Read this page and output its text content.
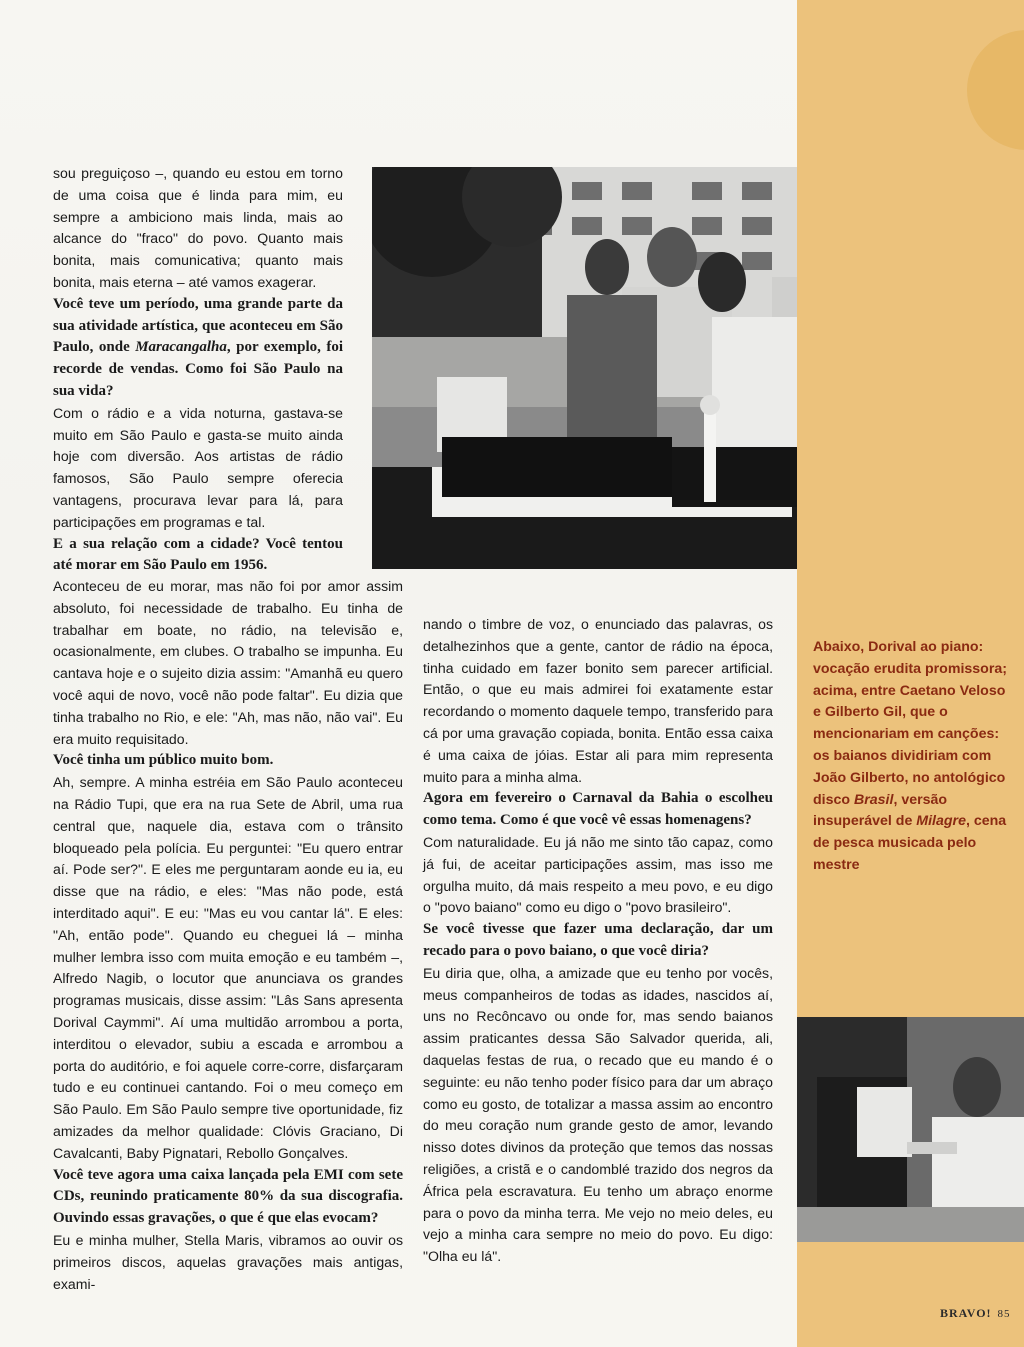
sou preguiçoso –, quando eu estou em torno de uma coisa que é linda para mim, eu sempre a ambiciono mais linda, mais ao alcance do "fraco" do povo. Quanto mais bonita, mais comunicativa; quanto mais bonita, mais eterna – até vamos exagerar.

Você teve um período, uma grande parte da sua atividade artística, que aconteceu em São Paulo, onde Maracangalha, por exemplo, foi recorde de vendas. Como foi São Paulo na sua vida?

Com o rádio e a vida noturna, gastava-se muito em São Paulo e gasta-se muito ainda hoje com diversão. Aos artistas de rádio famosos, São Paulo sempre oferecia vantagens, procurava levar para lá, para participações em programas e tal.

E a sua relação com a cidade? Você tentou até morar em São Paulo em 1956.

Aconteceu de eu morar, mas não foi por amor assim absoluto, foi necessidade de trabalho. Eu tinha de trabalhar em boate, no rádio, na televisão e, ocasionalmente, em clubes. O trabalho se impunha. Eu cantava hoje e o sujeito dizia assim: "Amanhã eu quero você aqui de novo, você não pode faltar". Eu dizia que tinha trabalho no Rio, e ele: "Ah, mas não, não vai". Eu era muito requisitado.

Você tinha um público muito bom.

Ah, sempre. A minha estréia em São Paulo aconteceu na Rádio Tupi, que era na rua Sete de Abril, uma rua central que, naquele dia, estava com o trânsito bloqueado pela polícia. Eu perguntei: "Eu quero entrar aí. Pode ser?". E eles me perguntaram aonde eu ia, eu disse que na rádio, e eles: "Mas não pode, está interditado aqui". E eu: "Mas eu vou cantar lá". E eles: "Ah, então pode". Quando eu cheguei lá – minha mulher lembra isso com muita emoção e eu também –, Alfredo Nagib, o locutor que anunciava os grandes programas musicais, disse assim: "Lâs Sans apresenta Dorival Caymmi". Aí uma multidão arrombou a porta, interditou o elevador, subiu a escada e arrombou a porta do auditório, e foi aquele corre-corre, disfarçaram tudo e eu continuei cantando. Foi o meu começo em São Paulo. Em São Paulo sempre tive oportunidade, fiz amizades da melhor qualidade: Clóvis Graciano, Di Cavalcanti, Baby Pignatari, Rebollo Gonçalves.

Você teve agora uma caixa lançada pela EMI com sete CDs, reunindo praticamente 80% da sua discografia. Ouvindo essas gravações, o que é que elas evocam?

Eu e minha mulher, Stella Maris, vibramos ao ouvir os primeiros discos, aquelas gravações mais antigas, exami-

nando o timbre de voz, o enunciado das palavras, os detalhezinhos que a gente, cantor de rádio na época, tinha cuidado em fazer bonito sem parecer artificial. Então, o que eu mais admirei foi exatamente estar recordando o momento daquele tempo, transferido para cá por uma gravação copiada, bonita. Então essa caixa é uma caixa de jóias. Estar ali para mim representa muito para a minha alma.

Agora em fevereiro o Carnaval da Bahia o escolheu como tema. Como é que você vê essas homenagens?

Com naturalidade. Eu já não me sinto tão capaz, como já fui, de aceitar participações assim, mas isso me orgulha muito, dá mais respeito a meu povo, e eu digo o "povo baiano" como eu digo o "povo brasileiro".

Se você tivesse que fazer uma declaração, dar um recado para o povo baiano, o que você diria?

Eu diria que, olha, a amizade que eu tenho por vocês, meus companheiros de todas as idades, nascidos aí, uns no Recôncavo ou onde for, mas sendo baianos assim praticantes dessa São Salvador querida, ali, daquelas festas de rua, o recado que eu mando é o seguinte: eu não tenho poder físico para dar um abraço como eu gosto, de totalizar a massa assim ao encontro do meu coração num grande gesto de amor, levando nisso dotes divinos da proteção que temos das nossas religiões, a cristã e o candomblé trazido dos negros da África pela escravatura. Eu tenho um abraço enorme para o povo da minha terra. Me vejo no meio deles, eu vejo a minha cara sempre no meio do povo. Eu digo: "Olha eu lá".

Abaixo, Dorival ao piano: vocação erudita promissora; acima, entre Caetano Veloso e Gilberto Gil, que o mencionariam em canções: os baianos dividiriam com João Gilberto, no antológico disco Brasil, versão insuperável de Milagre, cena de pesca musicada pelo mestre

BRAVO! 85
